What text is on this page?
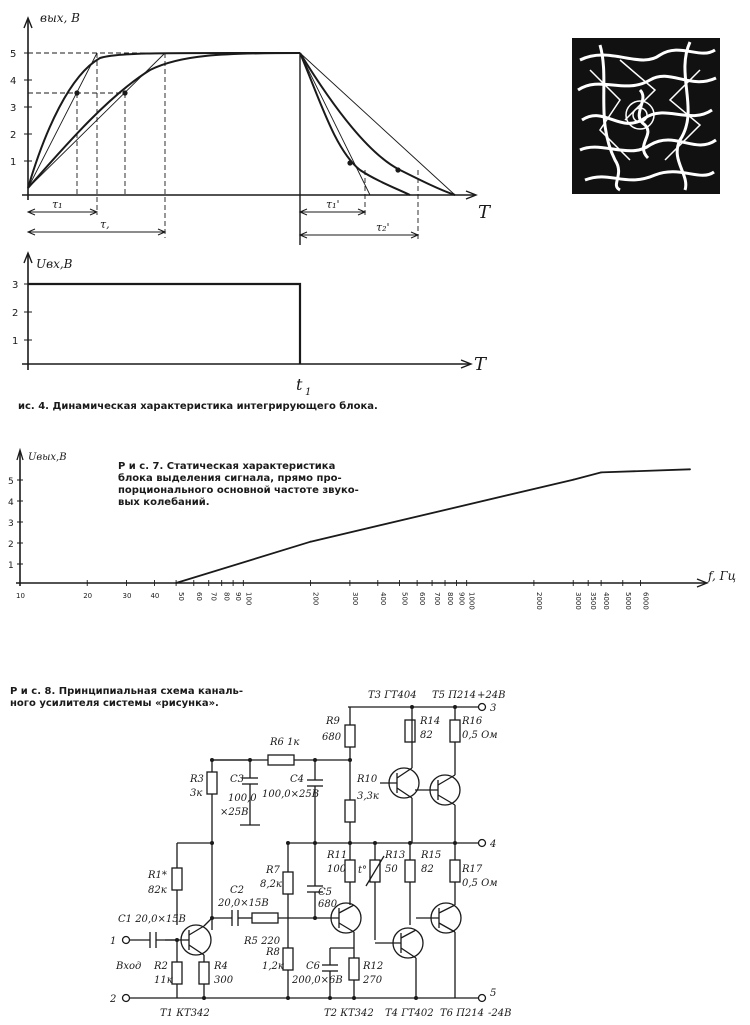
вых, В
5
4
3
2
1
T
τ₁
τ,
τ₁'
τ₂'
Uвх,В
3
2
1
T
t 1
Uвых,В
5
4
3
2
1
f, Гц
10	20	30	40	50 60 70 80 90 100	200	300	400 500 600 700 800 900 1000	2000	3000 3500 4000 5000 6000
T3 ГТ404 T5 П214 +24В
3
4
5
1
2
R9
680
R14
82
R16
0,5 Ом
R6 1к
R3
3к
C3
100,0
×25В
C4
100,0×25В
R10
3,3к
R1*
82к
R7
8,2к
R11
100
R13
50
t°
R15
82	R17
0,5 Ом
C2
20,0×15В
C5
680
C1 20,0×15В
R5 220
R8
1,2к C6
200,0×6В
R12
270
Вход R2
11к
R4
300
T1 КТ342	T2 КТ342 T4 ГТ402 T6 П214 -24В
ис. 4. Динамическая характеристика интегрирующего блока.
Р и с. 7. Статическая характеристика
блока выделения сигнала, прямо про-
порционального основной частоте звуко-
вых колебаний.
Р и с. 8. Принципиальная схема каналь-
ного усилителя системы «рисунка».
